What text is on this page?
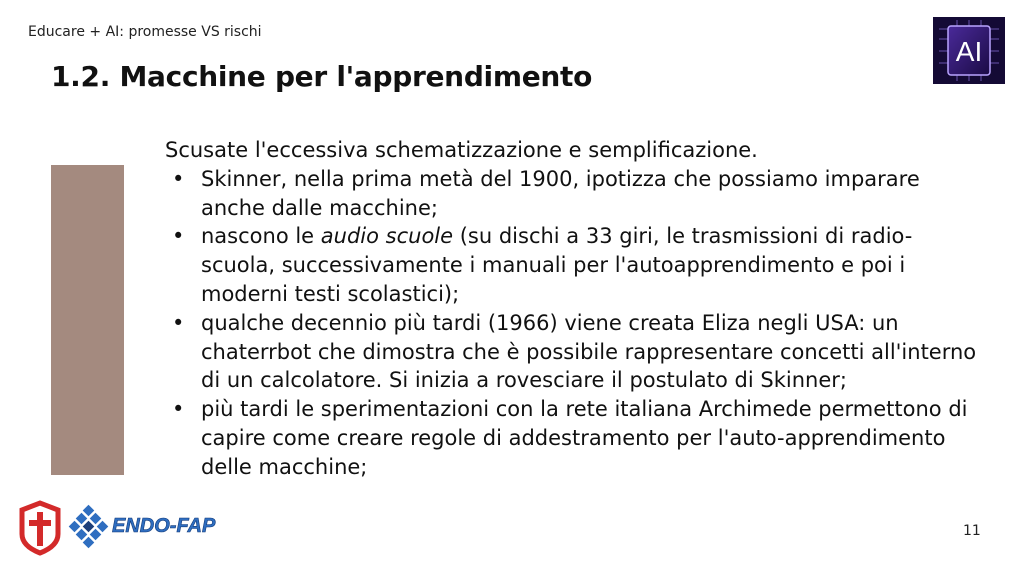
Educare + AI: promesse VS rischi
1.2. Macchine per l'apprendimento
AI

Scusate l'eccessiva schematizzazione e semplificazione.

• Skinner, nella prima metà del 1900, ipotizza che possiamo imparare anche dalle macchine;
• nascono le audio scuole (su dischi a 33 giri, le trasmissioni di radio-scuola, successivamente i manuali per l'autoapprendimento e poi i moderni testi scolastici);
• qualche decennio più tardi (1966) viene creata Eliza negli USA: un chaterrbot che dimostra che è possibile rappresentare concetti all'interno di un calcolatore. Si inizia a rovesciare il postulato di Skinner;
• più tardi le sperimentazioni con la rete italiana Archimede permettono di capire come creare regole di addestramento per l'auto-apprendimento delle macchine;
ENDO-FAP	11
